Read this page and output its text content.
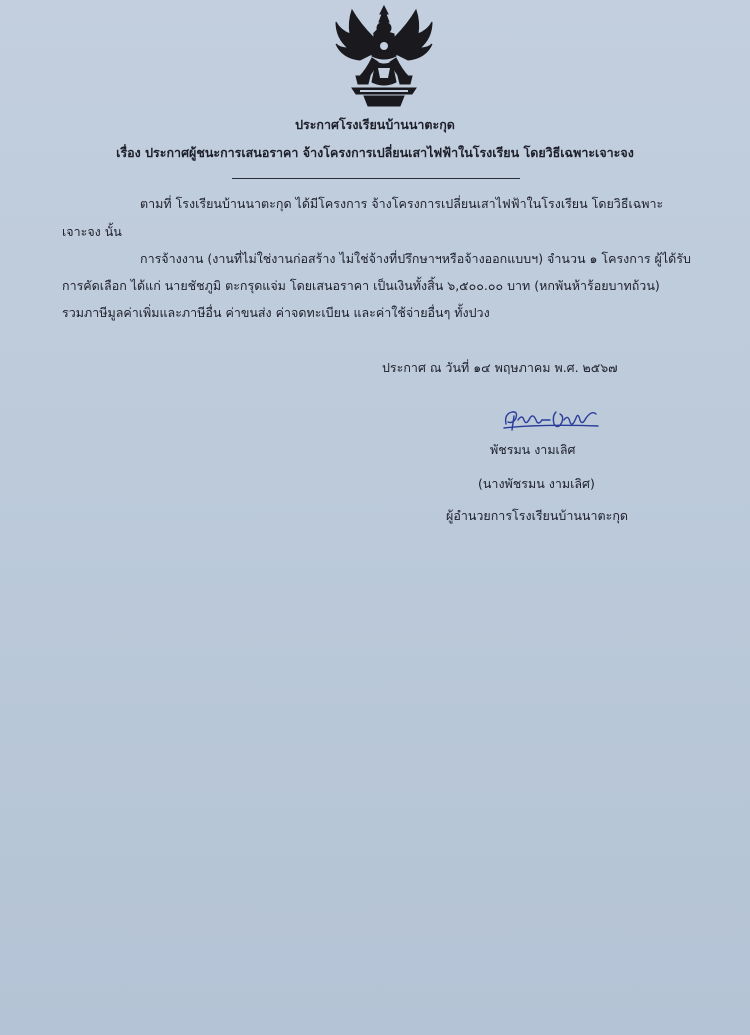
ประกาศโรงเรียนบ้านนาตะกุด
เรื่อง ประกาศผู้ชนะการเสนอราคา จ้างโครงการเปลี่ยนเสาไฟฟ้าในโรงเรียน โดยวิธีเฉพาะเจาะจง
ตามที่ โรงเรียนบ้านนาตะกุด ได้มีโครงการ จ้างโครงการเปลี่ยนเสาไฟฟ้าในโรงเรียน โดยวิธีเฉพาะ
เจาะจง นั้น
การจ้างงาน (งานที่ไม่ใช่งานก่อสร้าง ไม่ใช่จ้างที่ปรึกษาฯหรือจ้างออกแบบฯ) จำนวน ๑ โครงการ ผู้ได้รับ
การคัดเลือก ได้แก่ นายชัชภูมิ ตะกรุดแจ่ม โดยเสนอราคา เป็นเงินทั้งสิ้น ๖,๕๐๐.๐๐ บาท (หกพันห้าร้อยบาทถ้วน)
รวมภาษีมูลค่าเพิ่มและภาษีอื่น ค่าขนส่ง ค่าจดทะเบียน และค่าใช้จ่ายอื่นๆ ทั้งปวง
ประกาศ ณ วันที่ ๑๔ พฤษภาคม พ.ศ. ๒๕๖๗
พัชรมน งามเลิศ
(นางพัชรมน งามเลิศ)
ผู้อำนวยการโรงเรียนบ้านนาตะกุด
